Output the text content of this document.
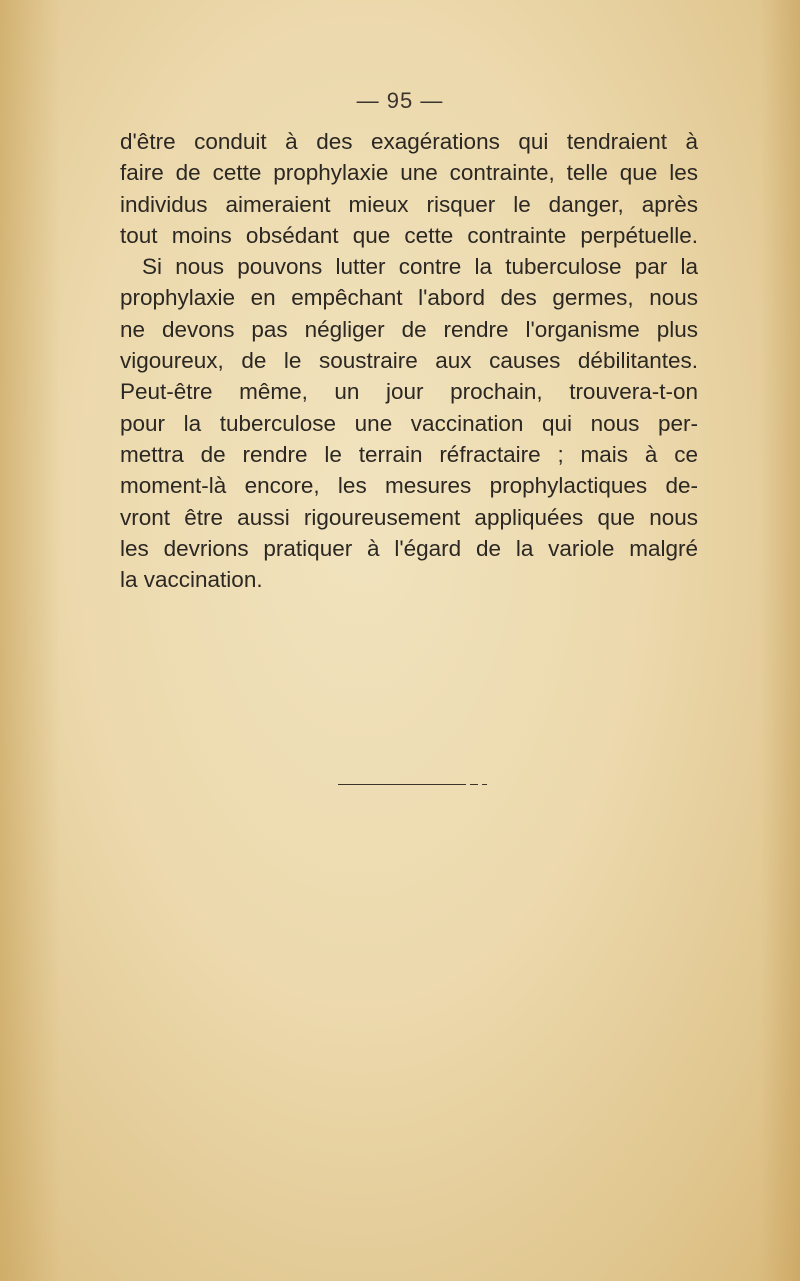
— 95 —
d'être conduit à des exagérations qui tendraient à
faire de cette prophylaxie une contrainte, telle que les
individus aimeraient mieux risquer le danger, après
tout moins obsédant que cette contrainte perpétuelle.
Si nous pouvons lutter contre la tuberculose par la
prophylaxie en empêchant l'abord des germes, nous
ne devons pas négliger de rendre l'organisme plus
vigoureux, de le soustraire aux causes débilitantes.
Peut-être même, un jour prochain, trouvera-t-on
pour la tuberculose une vaccination qui nous per-
mettra de rendre le terrain réfractaire ; mais à ce
moment-là encore, les mesures prophylactiques de-
vront être aussi rigoureusement appliquées que nous
les devrions pratiquer à l'égard de la variole malgré
la vaccination.
